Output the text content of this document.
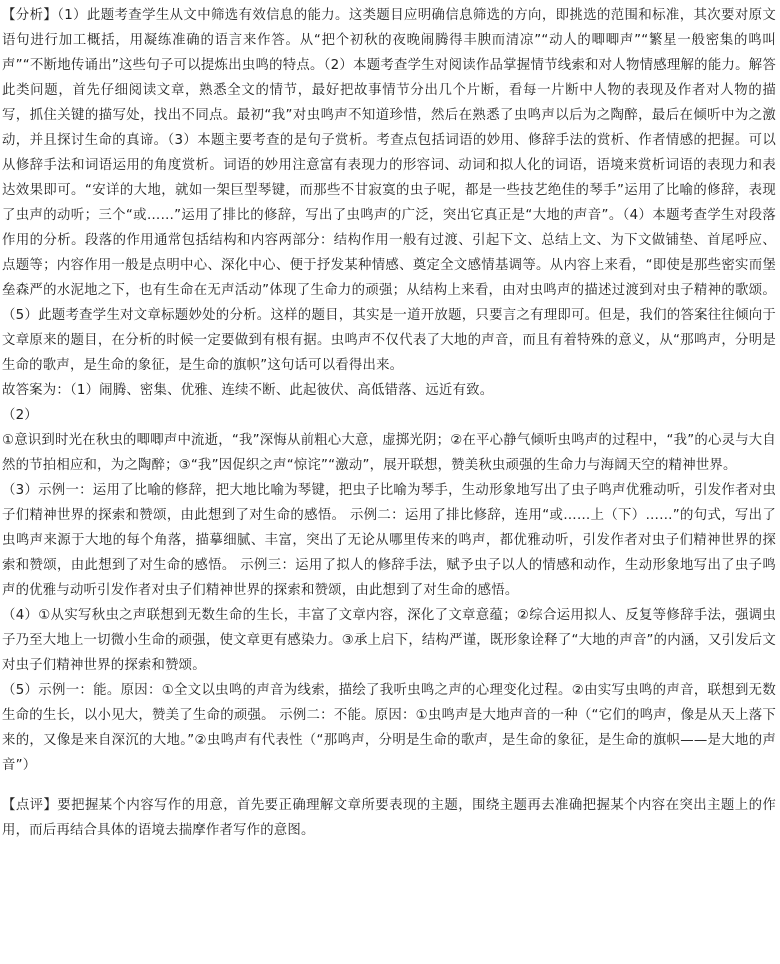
【分析】（1）此题考查学生从文中筛选有效信息的能力。这类题目应明确信息筛选的方向，即挑选的范围和标准，其次要对原文语句进行加工概括，用凝练准确的语言来作答。从“把个初秋的夜晚闹腾得丰腴而清凉”“动人的唧唧声”“繁星一般密集的鸣叫声”“不断地传诵出”这些句子可以提炼出虫鸣的特点。（2）本题考查学生对阅读作品掌握情节线索和对人物情感理解的能力。解答此类问题，首先仔细阅读文章，熟悉全文的情节，最好把故事情节分出几个片断，看每一片断中人物的表现及作者对人物的描写，抓住关键的描写处，找出不同点。最初“我”对虫鸣声不知道珍惜，然后在熟悉了虫鸣声以后为之陶醉，最后在倾听中为之激动，并且探讨生命的真谛。（3）本题主要考查的是句子赏析。考查点包括词语的妙用、修辞手法的赏析、作者情感的把握。可以从修辞手法和词语运用的角度赏析。词语的妙用注意富有表现力的形容词、动词和拟人化的词语，语境来赏析词语的表现力和表达效果即可。“安详的大地，就如一架巨型琴键，而那些不甘寂寞的虫子呢，都是一些技艺绝佳的琴手”运用了比喻的修辞，表现了虫声的动听；三个“或……”运用了排比的修辞，写出了虫鸣声的广泛，突出它真正是“大地的声音”。（4）本题考查学生对段落作用的分析。段落的作用通常包括结构和内容两部分：结构作用一般有过渡、引起下文、总结上文、为下文做铺垫、首尾呼应、点题等；内容作用一般是点明中心、深化中心、便于抒发某种情感、奠定全文感情基调等。从内容上来看，“即使是那些密实而堡垒森严的水泥地之下，也有生命在无声活动”体现了生命力的顽强；从结构上来看，由对虫鸣声的描述过渡到对虫子精神的歌颂。（5）此题考查学生对文章标题妙处的分析。这样的题目，其实是一道开放题，只要言之有理即可。但是，我们的答案往往倾向于文章原来的题目，在分析的时候一定要做到有根有据。虫鸣声不仅代表了大地的声音，而且有着特殊的意义，从“那鸣声，分明是生命的歌声，是生命的象征，是生命的旗帜”这句话可以看得出来。

故答案为：（1）闹腾、密集、优雅、连续不断、此起彼伏、高低错落、远近有致。

（2）

①意识到时光在秋虫的唧唧声中流逝，“我”深悔从前粗心大意，虚掷光阴；②在平心静气倾听虫鸣声的过程中，“我”的心灵与大自然的节拍相应和，为之陶醉；③“我”因促织之声“惊诧”“激动”，展开联想，赞美秋虫顽强的生命力与海阔天空的精神世界。

（3）示例一：运用了比喻的修辞，把大地比喻为琴键，把虫子比喻为琴手，生动形象地写出了虫子鸣声优雅动听，引发作者对虫子们精神世界的探索和赞颂，由此想到了对生命的感悟。 示例二：运用了排比修辞，连用“或……上（下）……”的句式，写出了虫鸣声来源于大地的每个角落，描摹细腻、丰富，突出了无论从哪里传来的鸣声，都优雅动听，引发作者对虫子们精神世界的探索和赞颂，由此想到了对生命的感悟。 示例三：运用了拟人的修辞手法，赋予虫子以人的情感和动作，生动形象地写出了虫子鸣声的优雅与动听引发作者对虫子们精神世界的探索和赞颂，由此想到了对生命的感悟。

（4）①从实写秋虫之声联想到无数生命的生长，丰富了文章内容，深化了文章意蕴；②综合运用拟人、反复等修辞手法，强调虫子乃至大地上一切微小生命的顽强，使文章更有感染力。③承上启下，结构严谨，既形象诠释了“大地的声音”的内涵，又引发后文对虫子们精神世界的探索和赞颂。

（5）示例一：能。原因：①全文以虫鸣的声音为线索，描绘了我听虫鸣之声的心理变化过程。②由实写虫鸣的声音，联想到无数生命的生长，以小见大，赞美了生命的顽强。 示例二：不能。原因：①虫鸣声是大地声音的一种（“它们的鸣声，像是从天上落下来的，又像是来自深沉的大地。”②虫鸣声有代表性（“那鸣声，分明是生命的歌声，是生命的象征，是生命的旗帜——是大地的声音”）

【点评】要把握某个内容写作的用意，首先要正确理解文章所要表现的主题，围绕主题再去准确把握某个内容在突出主题上的作用，而后再结合具体的语境去揣摩作者写作的意图。
